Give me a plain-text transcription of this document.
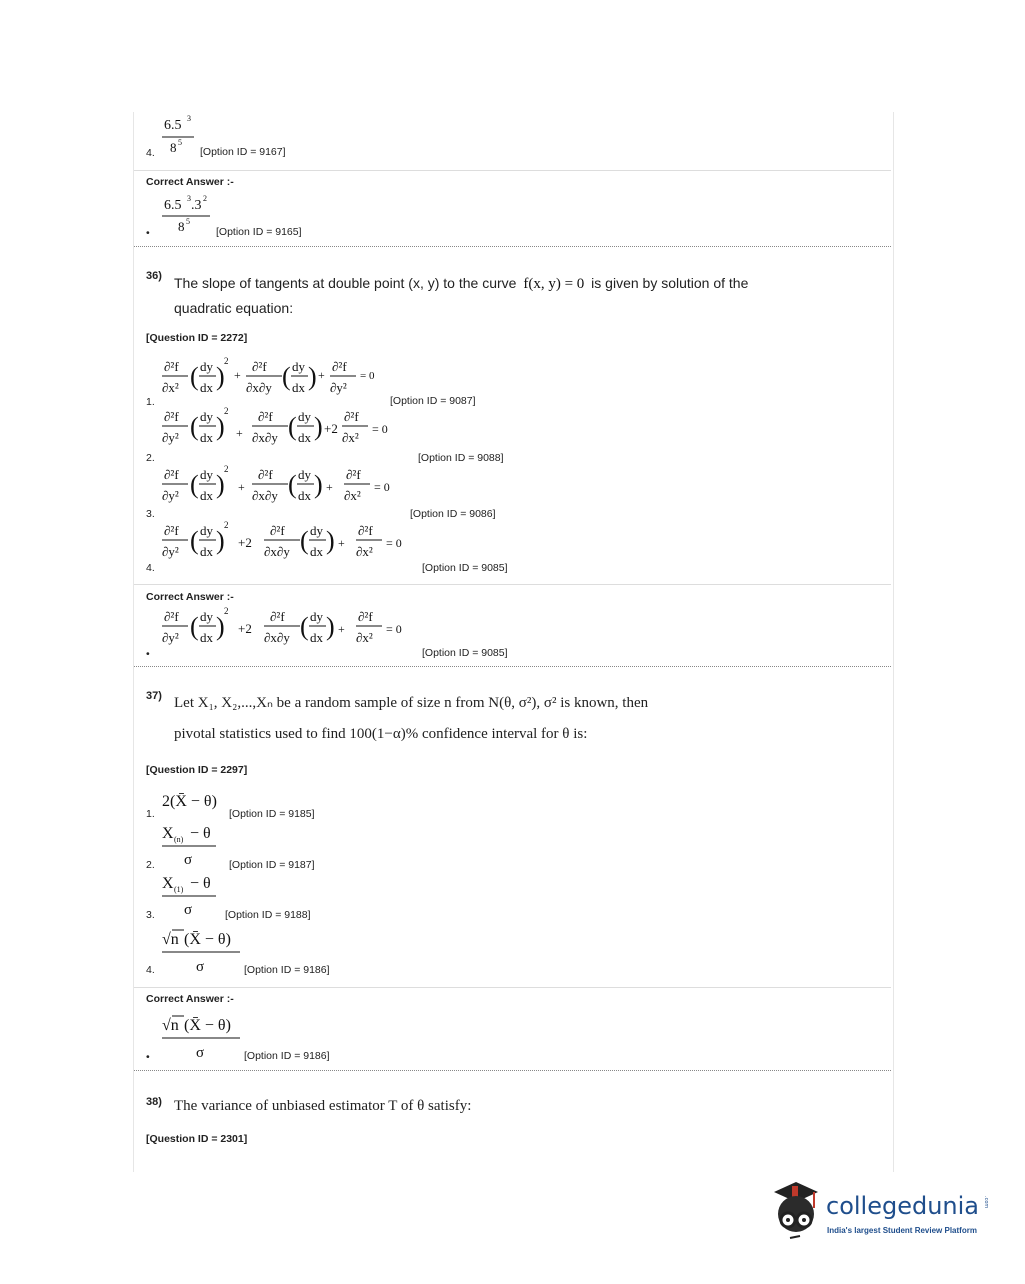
6.5 3
8 5
4.	[Option ID = 9167]
Correct Answer :-
6.5 3 .3 2
8 5
•	[Option ID = 9165]
36) The slope of tangents at double point (x, y) to the curve f(x, y) = 0 is given by solution of the
quadratic equation:
[Question ID = 2272]
∂²f
∂x² ( dy
dx )
2
+
∂²f
∂x∂y ( dy
dx ) +
∂²f
∂y²
= 0
1.	[Option ID = 9087]
∂²f
∂y² ( dy
dx )
2
+
∂²f
∂x∂y ( dy
dx ) +2
∂²f
∂x²
= 0
2.	[Option ID = 9088]
∂²f
∂y² ( dy
dx )
2
+
∂²f
∂x∂y ( dy
dx ) +
∂²f
∂x²
= 0
3.	[Option ID = 9086]
∂²f
∂y² ( dy
dx )
2
+2
∂²f
∂x∂y ( dy
dx ) +
∂²f
∂x²
= 0
4.	[Option ID = 9085]
Correct Answer :-
∂²f
∂y² ( dy
dx )
2
+2
∂²f
∂x∂y ( dy
dx ) +
∂²f
∂x²
= 0
•	[Option ID = 9085]
37) Let X₁, X₂,...,Xₙ be a random sample of size n from N(θ, σ²), σ² is known, then
pivotal statistics used to find 100(1−α)% confidence interval for θ is:
[Question ID = 2297]
2(X̄ − θ)
1.	[Option ID = 9185]
X (n) − θ
σ
2.	[Option ID = 9187]
X (1) − θ
σ
3.	[Option ID = 9188]
√n (X̄ − θ)
σ
4.	[Option ID = 9186]
Correct Answer :-
√n (X̄ − θ)
σ
•	[Option ID = 9186]
38) The variance of unbiased estimator T of θ satisfy:
[Question ID = 2301]
collegedunia .com
India's largest Student Review Platform
